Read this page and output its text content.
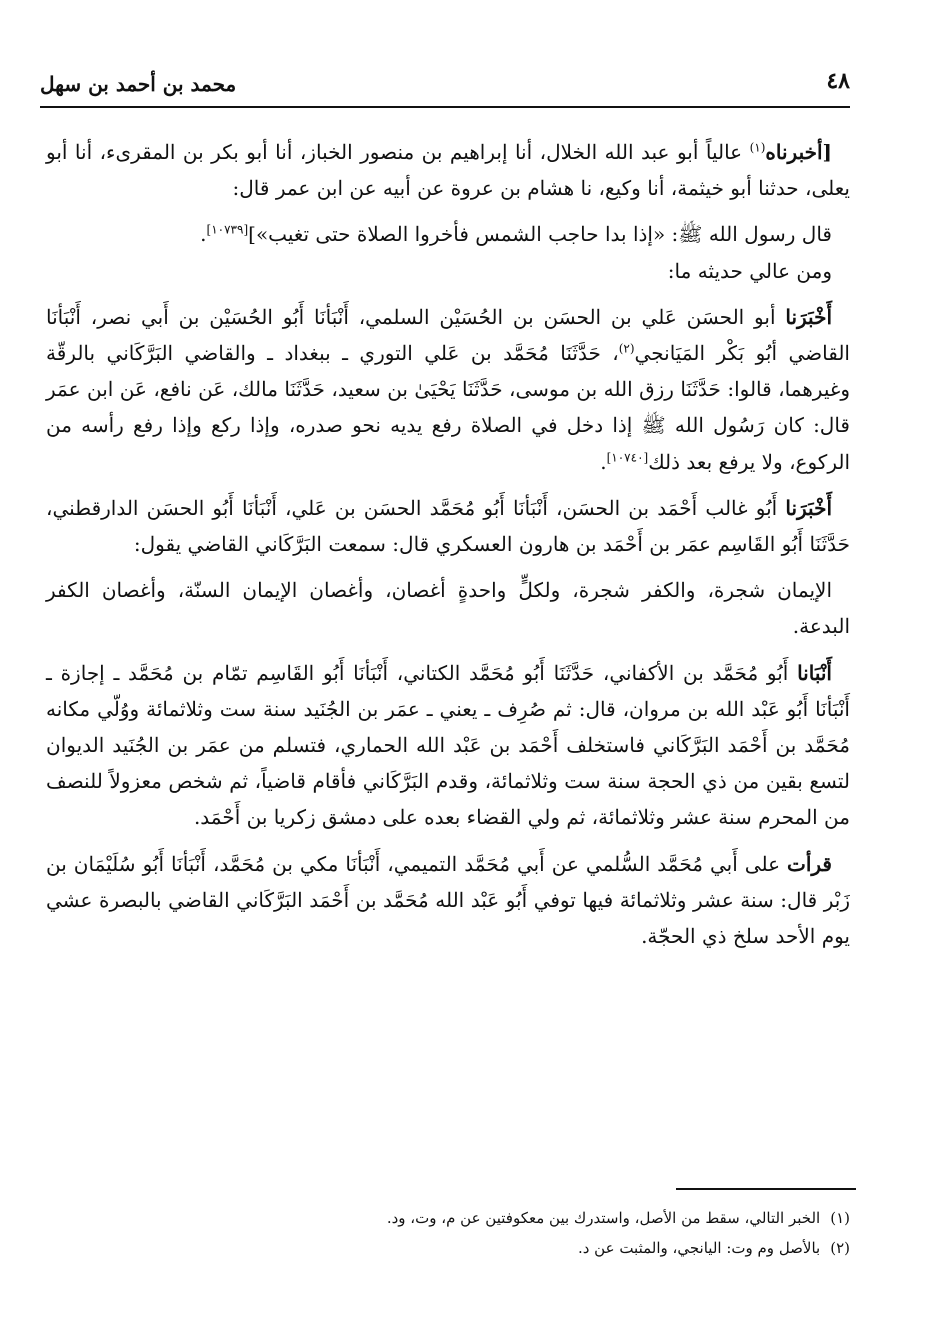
٤٨
محمد بن أحمد بن سهل

[أخبرناه$^{(١)}$ عالياً أبو عبد الله الخلال، أنا إبراهيم بن منصور الخباز، أنا أبو بكر بن المقرىء، أنا أبو يعلى، حدثنا أبو خيثمة، أنا وكيع، نا هشام بن عروة عن أبيه عن ابن عمر قال:

قال رسول الله ﷺ: «إذا بدا حاجب الشمس فأخروا الصلاة حتى تغيب»][١٠٧٣٩].

ومن عالي حديثه ما:

أَخْبَرَنا أبو الحسَن عَلي بن الحسَن بن الحُسَيْن السلمي، أَنْبَأنَا أَبُو الحُسَيْن بن أَبي نصر، أَنْبَأنَا القاضي أبُو بَكْر المَيَانجي$^{(٢)}$، حَدَّثَنَا مُحَمَّد بن عَلي التوري ـ ببغداد ـ والقاضي البَرَّكَاني بالرقّة وغيرهما، قالوا: حَدَّثَنَا رزق الله بن موسى، حَدَّثَنَا يَحْيَىٰ بن سعيد، حَدَّثَنَا مالك، عَن نافع، عَن ابن عمَر قال: كان رَسُول الله ﷺ إذا دخل في الصلاة رفع يديه نحو صدره، وإذا ركع وإذا رفع رأسه من الركوع، ولا يرفع بعد ذلك[١٠٧٤٠].

أَخْبَرَنا أَبُو غالب أَحْمَد بن الحسَن، أَنْبَأنَا أَبُو مُحَمَّد الحسَن بن عَلي، أَنْبَأنَا أَبُو الحسَن الدارقطني، حَدَّثَنَا أَبُو القَاسِم عمَر بن أَحْمَد بن هارون العسكري قال: سمعت البَرَّكَاني القاضي يقول:

الإيمان شجرة، والكفر شجرة، ولكلٍّ واحدةٍ أغصان، وأغصان الإيمان السنّة، وأغصان الكفر البدعة.

أَنْبَانا أَبُو مُحَمَّد بن الأكفاني، حَدَّثَنَا أَبُو مُحَمَّد الكتاني، أَنْبَأنَا أَبُو القَاسِم تمّام بن مُحَمَّد ـ إجازة ـ أَنْبَأنَا أَبُو عَبْد الله بن مروان، قال: ثم صُرِف ـ يعني ـ عمَر بن الجُنَيد سنة ست وثلاثمائة ووُلّي مكانه مُحَمَّد بن أَحْمَد البَرَّكَاني فاستخلف أَحْمَد بن عَبْد الله الحماري، فتسلم من عمَر بن الجُنَيد الديوان لتسع بقين من ذي الحجة سنة ست وثلاثمائة، وقدم البَرَّكَاني فأقام قاضياً، ثم شخص معزولاً للنصف من المحرم سنة عشر وثلاثمائة، ثم ولي القضاء بعده على دمشق زكريا بن أَحْمَد.

قرأت على أَبي مُحَمَّد السُّلمي عن أَبي مُحَمَّد التميمي، أَنْبَأنَا مكي بن مُحَمَّد، أَنْبَأنَا أَبُو سُلَيْمَان بن زَبْر قال: سنة عشر وثلاثمائة فيها توفي أَبُو عَبْد الله مُحَمَّد بن أَحْمَد البَرَّكَاني القاضي بالبصرة عشي يوم الأحد سلخ ذي الحجّة.

(١)الخبر التالي، سقط من الأصل، واستدرك بين معكوفتين عن م، وت، ود.

(٢)بالأصل وم وت: اليانجي، والمثبت عن د.
